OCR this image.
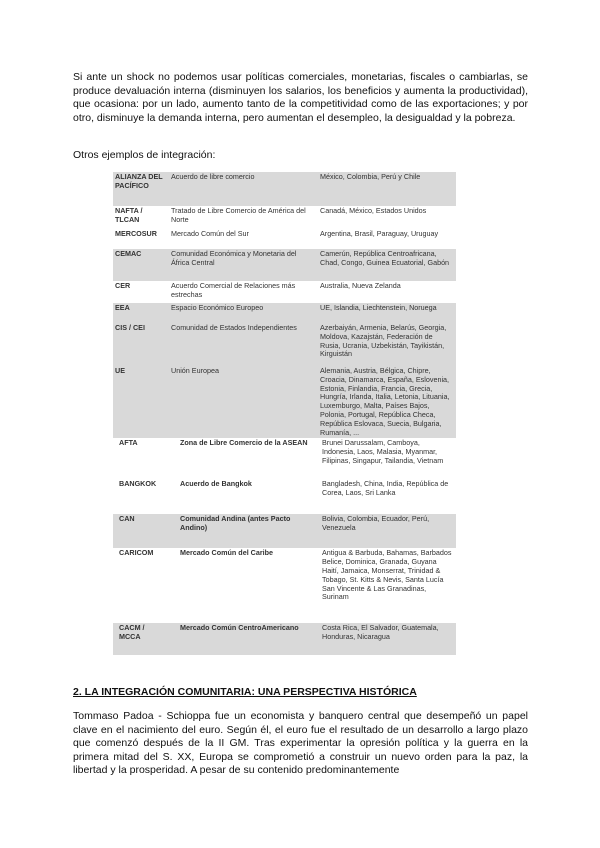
Si ante un shock no podemos usar políticas comerciales, monetarias, fiscales o cambiarlas, se produce devaluación interna (disminuyen los salarios, los beneficios y aumenta la productividad), que ocasiona: por un lado, aumento tanto de la competitividad como de las exportaciones; y por otro, disminuye la demanda interna, pero aumentan el desempleo, la desigualdad y la pobreza.

Otros ejemplos de integración:

ALIANZA DEL PACÍFICO	Acuerdo de libre comercio	México, Colombia, Perú y Chile
NAFTA / TLCAN	Tratado de Libre Comercio de América del Norte	Canadá, México, Estados Unidos
MERCOSUR	Mercado Común del Sur	Argentina, Brasil, Paraguay, Uruguay
CEMAC	Comunidad Económica y Monetaria del África Central	Camerún, República Centroafricana, Chad, Congo, Guinea Ecuatorial, Gabón
CER	Acuerdo Comercial de Relaciones más estrechas	Australia, Nueva Zelanda
EEA	Espacio Económico Europeo	UE, Islandia, Liechtenstein, Noruega
CIS / CEI	Comunidad de Estados Independientes	Azerbaiyán, Armenia, Belarús, Georgia, Moldova, Kazajstán, Federación de Rusia, Ucrania, Uzbekistán, Tayikistán, Kirguistán
UE	Unión Europea	Alemania, Austria, Bélgica, Chipre, Croacia, Dinamarca, España, Eslovenia, Estonia, Finlandia, Francia, Grecia, Hungría, Irlanda, Italia, Letonia, Lituania, Luxemburgo, Malta, Países Bajos, Polonia, Portugal, República Checa, República Eslovaca, Suecia, Bulgaria, Rumanía, ...
AFTA	Zona de Libre Comercio de la ASEAN	Brunei Darussalam, Camboya, Indonesia, Laos, Malasia, Myanmar, Filipinas, Singapur, Tailandia, Vietnam
BANGKOK	Acuerdo de Bangkok	Bangladesh, China, India, República de Corea, Laos, Sri Lanka
CAN	Comunidad Andina (antes Pacto Andino)	Bolivia, Colombia, Ecuador, Perú, Venezuela
CARICOM	Mercado Común del Caribe	Antigua & Barbuda, Bahamas, Barbados Belice, Dominica, Granada, Guyana Haití, Jamaica, Monserrat, Trinidad & Tobago, St. Kitts & Nevis, Santa Lucía San Vincente & Las Granadinas, Surinam
CACM / MCCA	Mercado Común CentroAmericano	Costa Rica, El Salvador, Guatemala, Honduras, Nicaragua
2. LA INTEGRACIÓN COMUNITARIA: UNA PERSPECTIVA HISTÓRICA

Tommaso Padoa - Schioppa fue un economista y banquero central que desempeñó un papel clave en el nacimiento del euro. Según él, el euro fue el resultado de un desarrollo a largo plazo que comenzó después de la II GM. Tras experimentar la opresión política y la guerra en la primera mitad del S. XX, Europa se comprometió a construir un nuevo orden para la paz, la libertad y la prosperidad. A pesar de su contenido predominantemente
